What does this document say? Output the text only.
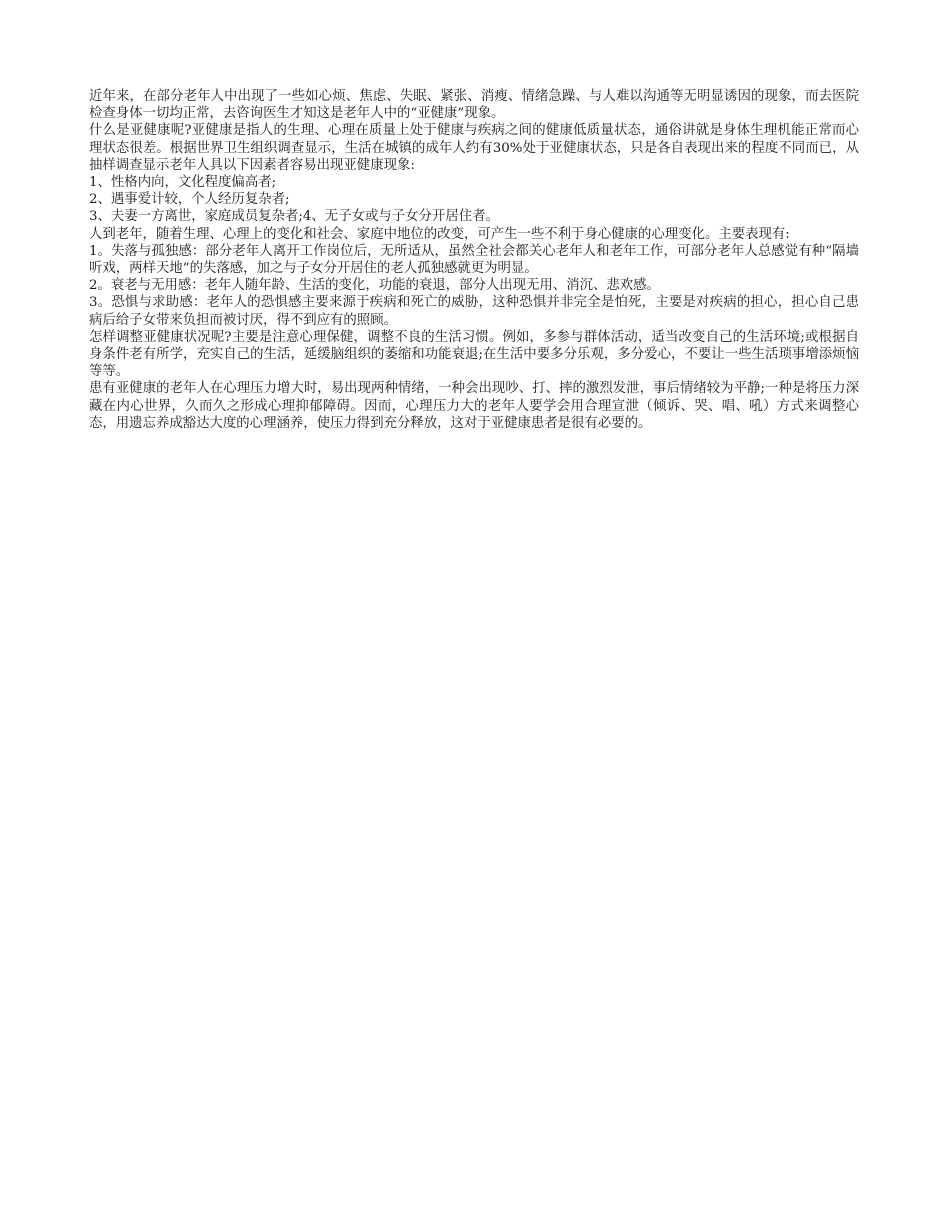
近年来，在部分老年人中出现了一些如心烦、焦虑、失眠、紧张、消瘦、情绪急躁、与人难以沟通等无明显诱因的现象，而去医院检查身体一切均正常，去咨询医生才知这是老年人中的“亚健康”现象。

什么是亚健康呢?亚健康是指人的生理、心理在质量上处于健康与疾病之间的健康低质量状态，通俗讲就是身体生理机能正常而心理状态很差。根据世界卫生组织调查显示，生活在城镇的成年人约有30%处于亚健康状态，只是各自表现出来的程度不同而已，从抽样调查显示老年人具以下因素者容易出现亚健康现象:

1、性格内向，文化程度偏高者;

2、遇事爱计较，个人经历复杂者;

3、夫妻一方离世，家庭成员复杂者;4、无子女或与子女分开居住者。

人到老年，随着生理、心理上的变化和社会、家庭中地位的改变，可产生一些不利于身心健康的心理变化。主要表现有:

1。失落与孤独感：部分老年人离开工作岗位后，无所适从，虽然全社会都关心老年人和老年工作，可部分老年人总感觉有种“隔墙听戏，两样天地”的失落感，加之与子女分开居住的老人孤独感就更为明显。

2。衰老与无用感：老年人随年龄、生活的变化，功能的衰退，部分人出现无用、消沉、悲欢感。

3。恐惧与求助感：老年人的恐惧感主要来源于疾病和死亡的威胁，这种恐惧并非完全是怕死，主要是对疾病的担心，担心自己患病后给子女带来负担而被讨厌，得不到应有的照顾。

怎样调整亚健康状况呢?主要是注意心理保健，调整不良的生活习惯。例如，多参与群体活动，适当改变自己的生活环境;或根据自身条件老有所学，充实自己的生活，延缓脑组织的萎缩和功能衰退;在生活中要多分乐观，多分爱心，不要让一些生活琐事增添烦恼等等。

患有亚健康的老年人在心理压力增大时，易出现两种情绪，一种会出现吵、打、摔的激烈发泄，事后情绪较为平静;一种是将压力深藏在内心世界，久而久之形成心理抑郁障碍。因而，心理压力大的老年人要学会用合理宣泄（倾诉、哭、唱、吼）方式来调整心态，用遗忘养成豁达大度的心理涵养，使压力得到充分释放，这对于亚健康患者是很有必要的。
